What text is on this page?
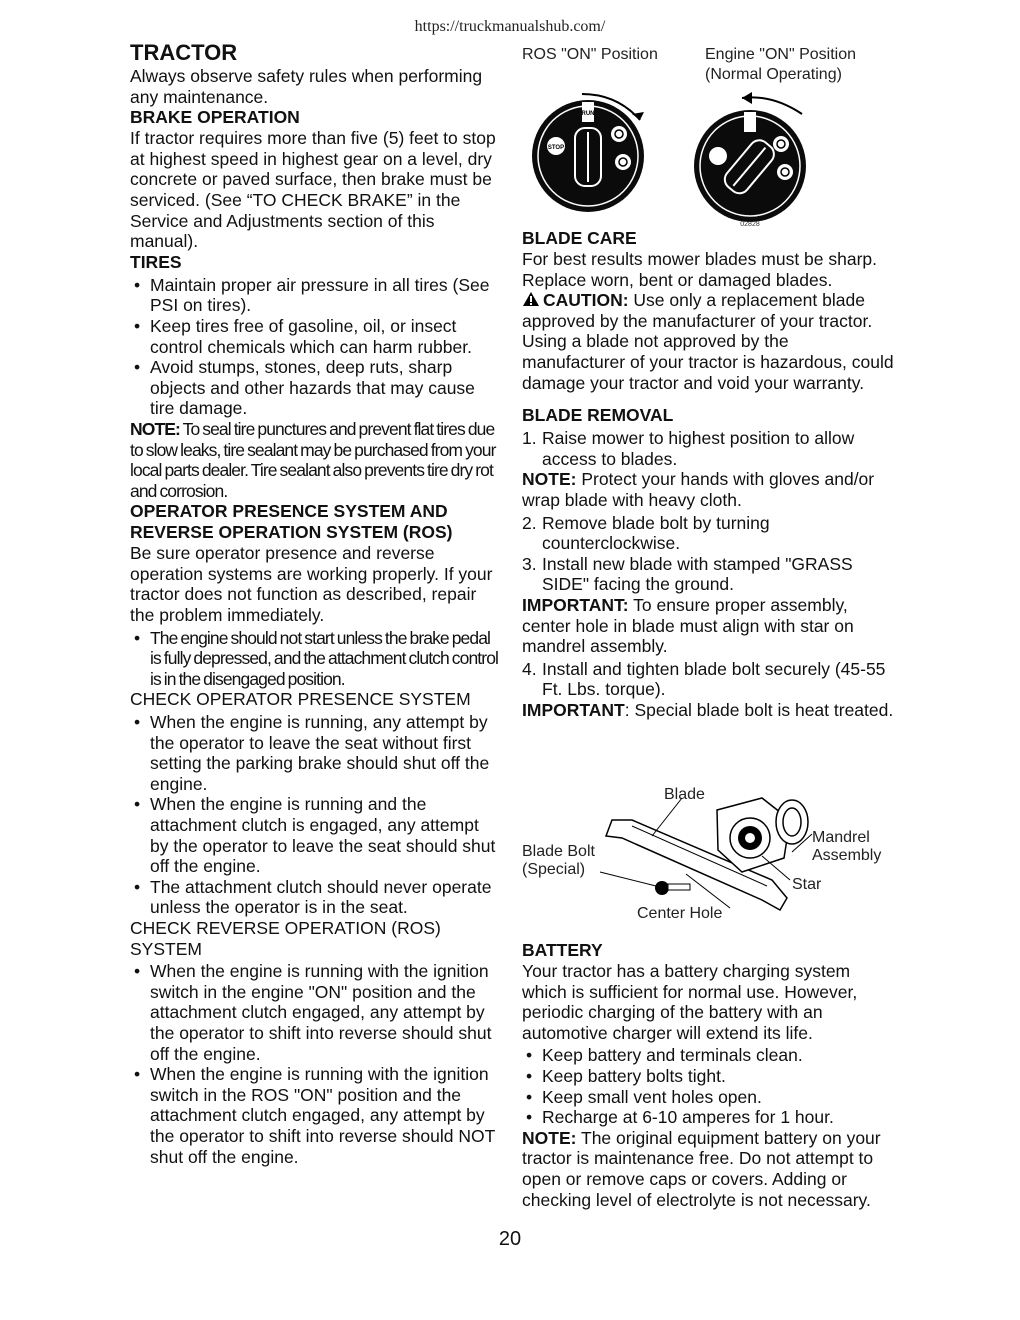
https://truckmanualshub.com/

TRACTOR

Always observe safety rules when performing any maintenance.

BRAKE OPERATION

If tractor requires more than five (5) feet to stop at highest speed in highest gear on a level, dry concrete or paved surface, then brake must be serviced. (See “TO CHECK BRAKE” in the Service and Adjustments section of this manual).

TIRES

• Maintain proper air pressure in all tires (See PSI on tires).
• Keep tires free of gasoline, oil, or insect control chemicals which can harm rubber.
• Avoid stumps, stones, deep ruts, sharp objects and other hazards that may cause tire damage.

NOTE: To seal tire punctures and prevent flat tires due to slow leaks, tire sealant may be purchased from your local parts dealer. Tire sealant also prevents tire dry rot and corrosion.

OPERATOR PRESENCE SYSTEM AND REVERSE OPERATION SYSTEM (ROS)

Be sure operator presence and reverse operation systems are working properly. If your tractor does not function as described, repair the problem immediately.

• The engine should not start unless the brake pedal is fully depressed, and the attachment clutch control is in the disengaged position.

CHECK OPERATOR PRESENCE SYSTEM

• When the engine is running, any attempt by the operator to leave the seat without first setting the parking brake should shut off the engine.
• When the engine is running and the attachment clutch is engaged, any attempt by the operator to leave the seat should shut off the engine.
• The attachment clutch should never operate unless the operator is in the seat.

CHECK REVERSE OPERATION (ROS) SYSTEM

• When the engine is running with the ignition switch in the engine "ON" position and the attachment clutch engaged, any attempt by the operator to shift into reverse should shut off the engine.
• When the engine is running with the ignition switch in the ROS "ON" position and the attachment clutch engaged, any attempt by the operator to shift into reverse should NOT shut off the engine.
ROS "ON" Position	Engine "ON" Position
(Normal Operating)
STOP
RUN
02828

BLADE CARE

For best results mower blades must be sharp. Replace worn, bent or damaged blades.

CAUTION: Use only a replacement blade approved by the manufacturer of your tractor. Using a blade not approved by the manufacturer of your tractor is hazardous, could damage your tractor and void your warranty.

BLADE REMOVAL

1. Raise mower to highest position to allow access to blades.

NOTE: Protect your hands with gloves and/or wrap blade with heavy cloth.

2. Remove blade bolt by turning counterclockwise.
3. Install new blade with stamped "GRASS SIDE" facing the ground.

IMPORTANT: To ensure proper assembly, center hole in blade must align with star on mandrel assembly.

4. Install and tighten blade bolt securely (45-55 Ft. Lbs. torque).

IMPORTANT: Special blade bolt is heat treated.

Blade
Mandrel
Assembly
Blade Bolt
(Special)
Star
Center Hole

BATTERY

Your tractor has a battery charging system which is sufficient for normal use. However, periodic charging of the battery with an automotive charger will extend its life.

• Keep battery and terminals clean.
• Keep battery bolts tight.
• Keep small vent holes open.
• Recharge at 6-10 amperes for 1 hour.

NOTE: The original equipment battery on your tractor is maintenance free. Do not attempt to open or remove caps or covers. Adding or checking level of electrolyte is not necessary.

20
